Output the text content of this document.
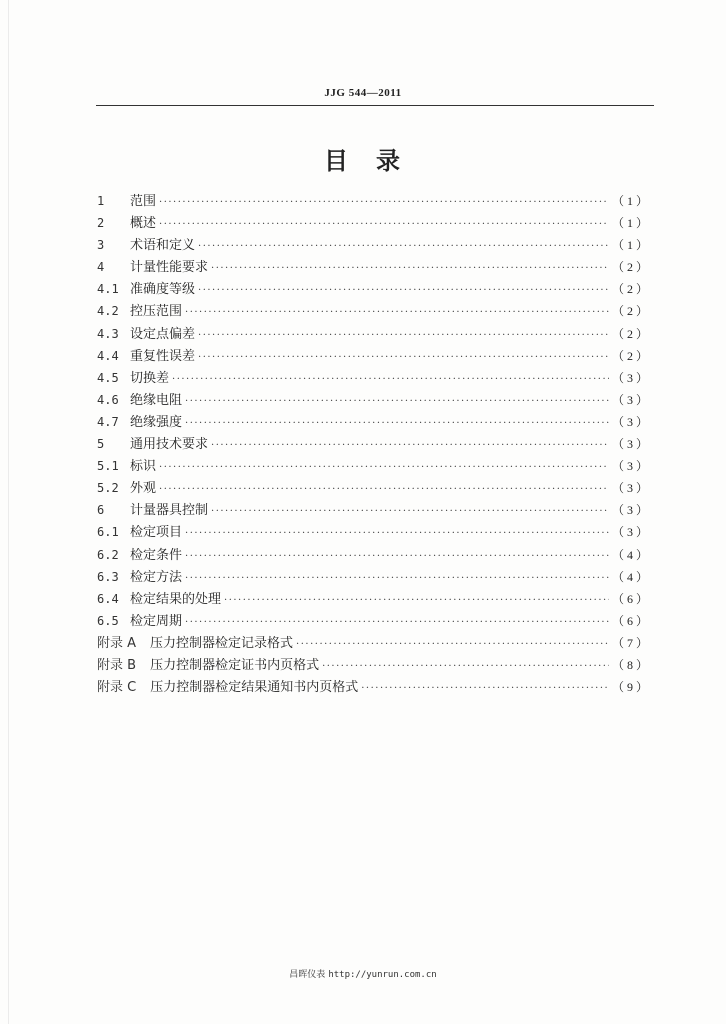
JJG 544—2011
目　录
1	范围 ·····	（1）
2	概述 ·····	（1）
3	术语和定义 ·····	（1）
4	计量性能要求 ·····	（2）
4.1 准确度等级 ·····	（2）
4.2 控压范围 ·····	（2）
4.3 设定点偏差 ·····	（2）
4.4 重复性误差 ·····	（2）
4.5 切换差 ·····	（3）
4.6 绝缘电阻 ·····	（3）
4.7 绝缘强度 ·····	（3）
5	通用技术要求 ·····	（3）
5.1 标识 ·····	（3）
5.2 外观 ·····	（3）
6	计量器具控制 ·····	（3）
6.1 检定项目 ·····	（3）
6.2 检定条件 ·····	（4）
6.3 检定方法 ·····	（4）
6.4 检定结果的处理 ·····	（6）
6.5 检定周期 ·····	（6）
附录 A 压力控制器检定记录格式 ·····	（7）
附录 B 压力控制器检定证书内页格式 ·····	（8）
附录 C 压力控制器检定结果通知书内页格式 ·····	（9）
昌晖仪表 http://yunrun.com.cn
